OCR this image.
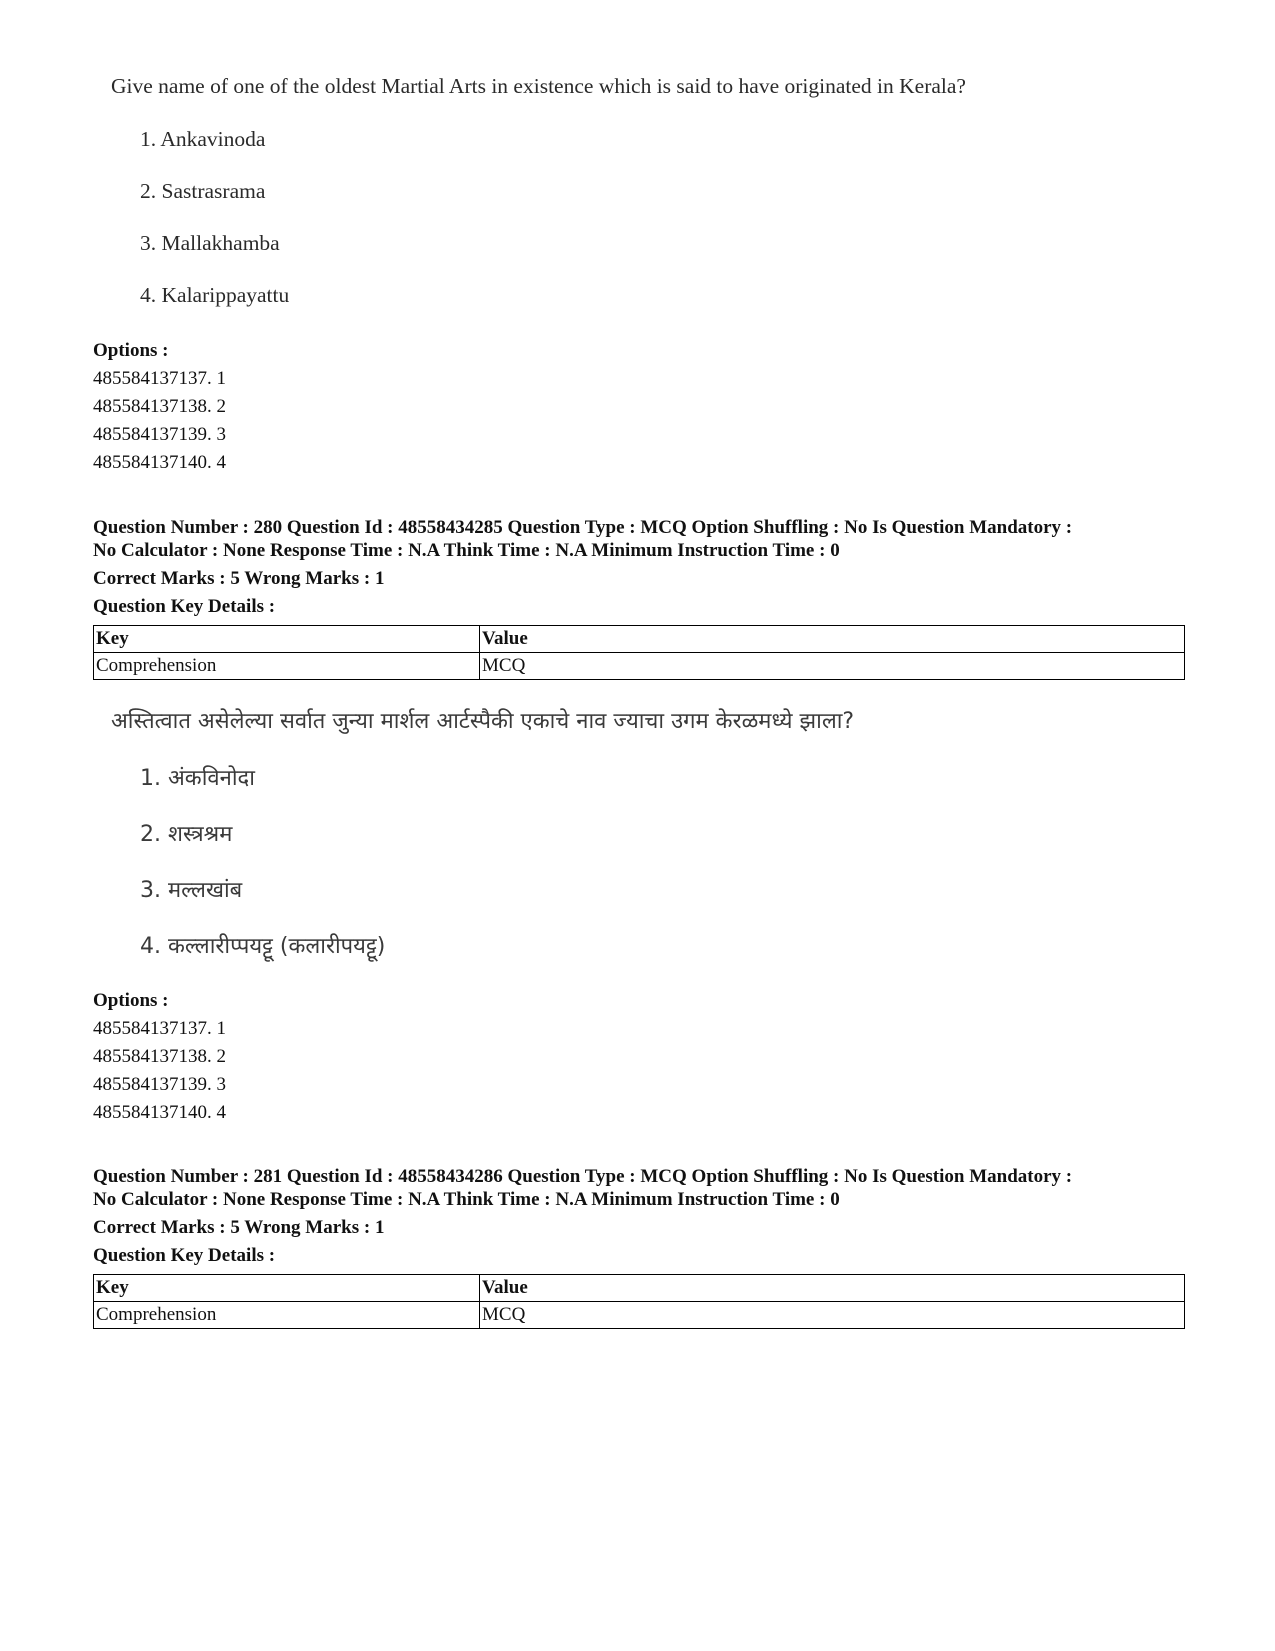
Give name of one of the oldest Martial Arts in existence which is said to have originated in Kerala?
1. Ankavinoda
2. Sastrasrama
3. Mallakhamba
4. Kalarippayattu
Options :
485584137137. 1
485584137138. 2
485584137139. 3
485584137140. 4
Question Number : 280 Question Id : 48558434285 Question Type : MCQ Option Shuffling : No Is Question Mandatory :
No Calculator : None Response Time : N.A Think Time : N.A Minimum Instruction Time : 0
Correct Marks : 5 Wrong Marks : 1
Question Key Details :
Key	Value
Comprehension	MCQ
अस्तित्वात असेलेल्या सर्वात जुन्या मार्शल आर्टस्पैकी एकाचे नाव ज्याचा उगम केरळमध्ये झाला?
1. अंकविनोदा
2. शस्त्रश्रम
3. मल्लखांब
4. कल्लारीप्पयट्टू (कलारीपयट्टू)
Options :
485584137137. 1
485584137138. 2
485584137139. 3
485584137140. 4
Question Number : 281 Question Id : 48558434286 Question Type : MCQ Option Shuffling : No Is Question Mandatory :
No Calculator : None Response Time : N.A Think Time : N.A Minimum Instruction Time : 0
Correct Marks : 5 Wrong Marks : 1
Question Key Details :
Key	Value
Comprehension	MCQ
